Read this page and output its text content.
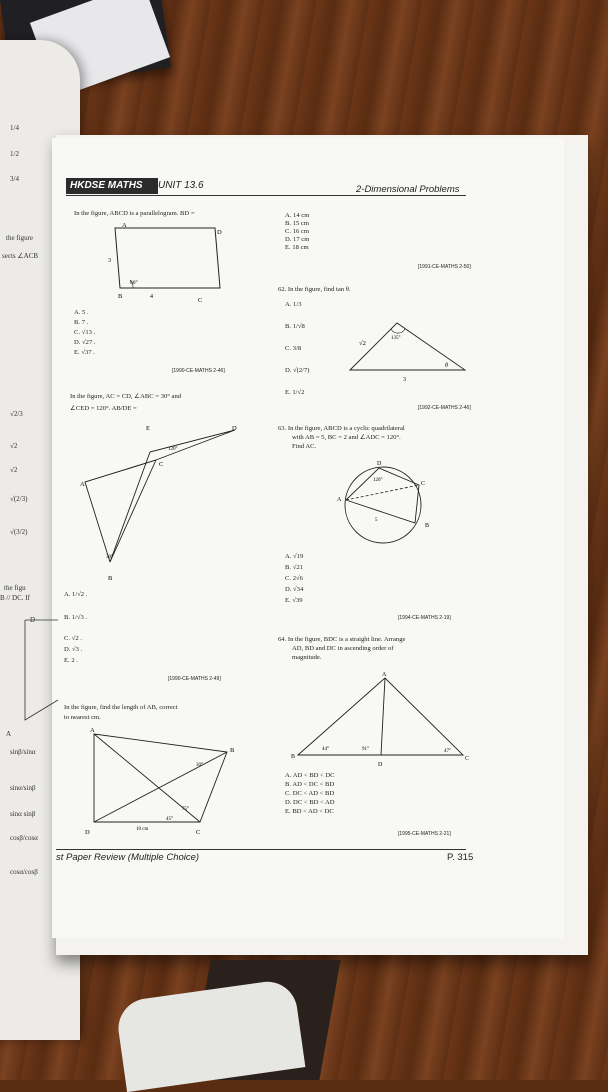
1/4
1/2
3/4
the figure
sects ∠ACB
√2/3
√2
√2
√(2/3)
√(3/2)
the figu
B // DC. If
D
A
sinβ/sinα
sinα/sinβ
sinα sinβ
cosβ/cosα
cosα/cosβ
HKDSE MATHS	UNIT 13.6	2-Dimensional Problems
In the figure, ABCD is a parallelogram. BD =
A
D
B
C
3
4
60°
A. 5 .
B. 7 .
C. √13 .
D. √27 .
E. √37 .
[1990-CE-MATHS 2-46]
In the figure, AC = CD, ∠ABC = 30° and
∠CED = 120°. AB/DE =
E	D
C
A
B
120°
30°
A. 1/√2 .
B. 1/√3 .
C. √2 .
D. √3 .
E. 2 .
[1990-CE-MATHS 2-49]
In the figure, find the length of AB, correct
to nearest cm.
A
B
C
D
30°
75°
45°
10 cm
A. 14 cm
B. 15 cm
C. 16 cm
D. 17 cm
E. 18 cm
[1991-CE-MATHS 2-50]
62. In the figure, find tan θ.
A. 1/3
B. 1/√8
C. 3/8
D. √(2/7)
E. 1/√2
√2
135°
3
θ
[1992-CE-MATHS 2-46]
63. In the figure, ABCD is a cyclic quadrilateral
with AB = 5, BC = 2 and ∠ADC = 120°.
Find AC.
D
C
A
B
120°
5
A. √19
B. √21
C. 2√6
D. √34
E. √39
[1994-CE-MATHS 2-19]
64. In the figure, BDC is a straight line. Arrange
AD, BD and DC in ascending order of
magnitude.
A
B	C
D
44°	91°	47°
A. AD < BD < DC
B. AD < DC < BD
C. DC < AD < BD
D. DC < BD < AD
E. BD < AD < DC
[1995-CE-MATHS 2-21]
st Paper Review (Multiple Choice)	P. 315
